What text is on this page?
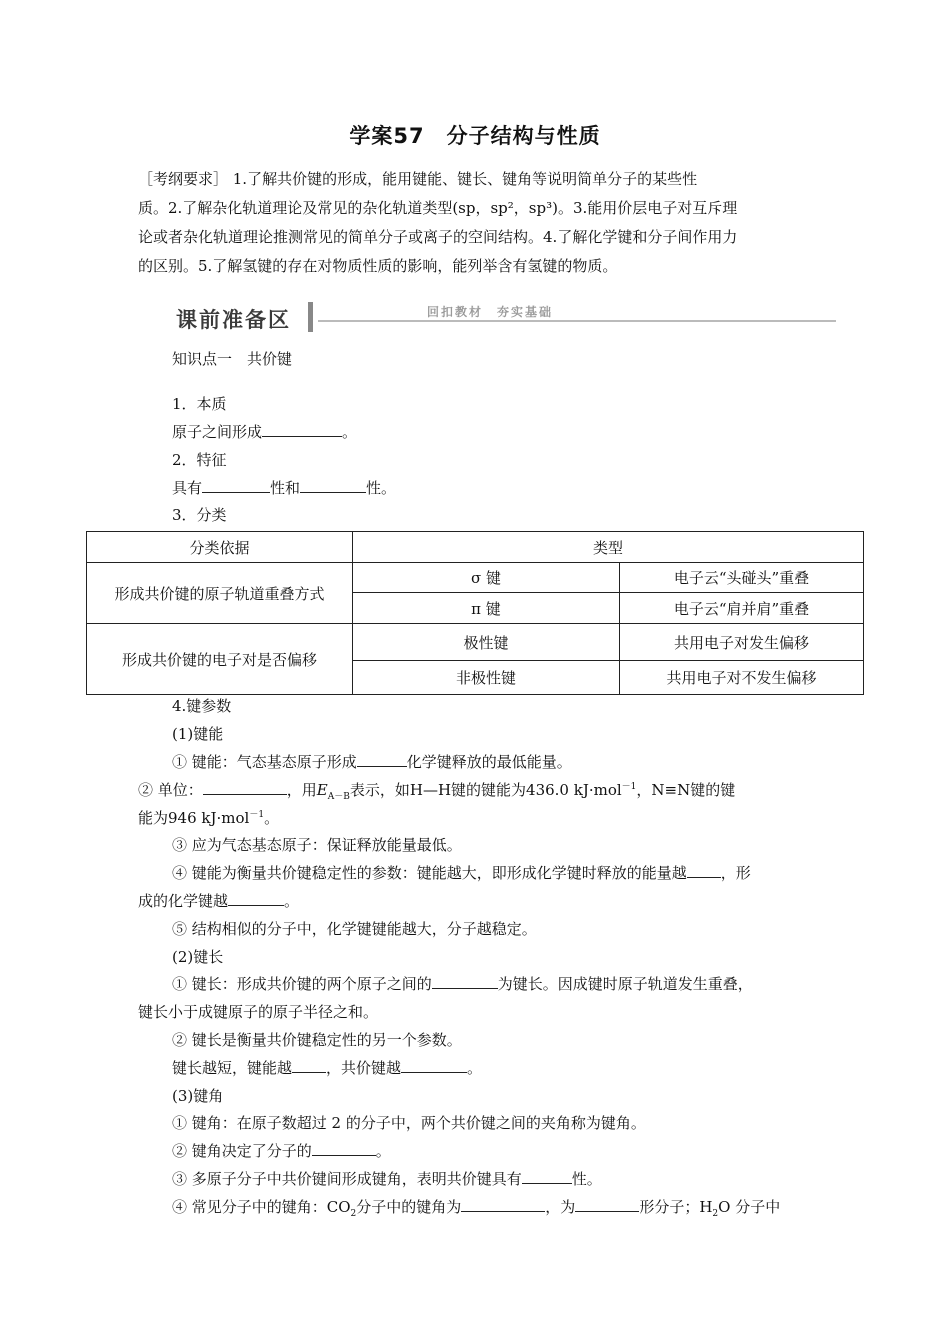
学案57　分子结构与性质
［考纲要求］ 1.了解共价键的形成，能用键能、键长、键角等说明简单分子的某些性
质。2.了解杂化轨道理论及常见的杂化轨道类型(sp，sp²，sp³)。3.能用价层电子对互斥理
论或者杂化轨道理论推测常见的简单分子或离子的空间结构。4.了解化学键和分子间作用力
的区别。5.了解氢键的存在对物质性质的影响，能列举含有氢键的物质。
课前准备区	回扣教材　夯实基础
知识点一　共价键
1．本质
原子之间形成	。
2．特征
具有	性和	性。
3．分类
分类依据	类型	
形成共价键的原子轨道重叠方式	σ 键	电子云“头碰头”重叠
	π 键	电子云“肩并肩”重叠
形成共价键的电子对是否偏移	极性键	共用电子对发生偏移
	非极性键	共用电子对不发生偏移
4.键参数
(1)键能
① 键能：气态基态原子形成	化学键释放的最低能量。
② 单位：	，用$E_{A-B}$表示，如H—H键的键能为436.0 kJ·mol$^{-1}$，N≡N键的键
能为946 kJ·mol$^{-1}$。
③ 应为气态基态原子：保证释放能量最低。
④ 键能为衡量共价键稳定性的参数：键能越大，即形成化学键时释放的能量越 ，形
成的化学键越	。
⑤ 结构相似的分子中，化学键键能越大，分子越稳定。
(2)键长
① 键长：形成共价键的两个原子之间的	为键长。因成键时原子轨道发生重叠，
键长小于成键原子的原子半径之和。
② 键长是衡量共价键稳定性的另一个参数。
键长越短，键能越 ，共价键越	。
(3)键角
① 键角：在原子数超过 2 的分子中，两个共价键之间的夹角称为键角。
② 键角决定了分子的	。
③ 多原子分子中共价键间形成键角，表明共价键具有	性。
④ 常见分子中的键角：$CO_2$分子中的键角为	，为	形分子；$H_2O$ 分子中
